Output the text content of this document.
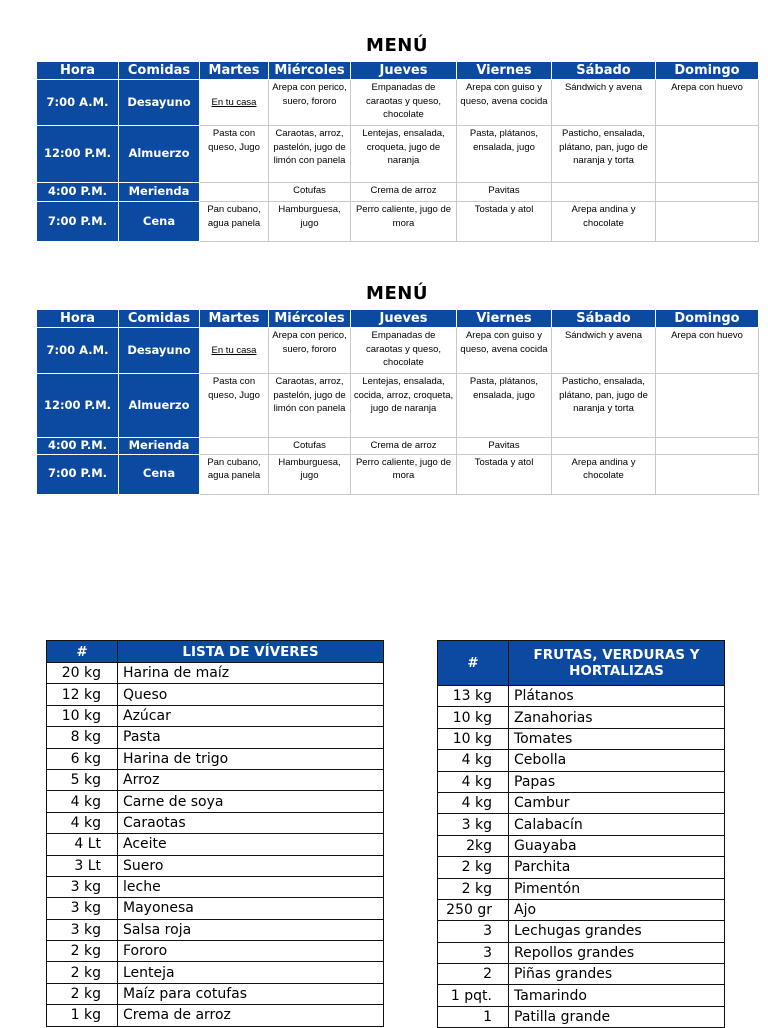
MENÚ
Hora	Comidas	Martes	Miércoles	Jueves	Viernes	Sábado	Domingo
7:00 A.M.	Desayuno	En tu casa	Arepa con perico, suero, fororo	Empanadas de caraotas y queso, chocolate	Arepa con guiso y queso, avena cocida	Sándwich y avena	Arepa con huevo
12:00 P.M.	Almuerzo	Pasta con queso, Jugo	Caraotas, arroz, pastelón, jugo de limón con panela	Lentejas, ensalada, croqueta, jugo de naranja	Pasta, plátanos, ensalada, jugo	Pasticho, ensalada, plátano, pan, jugo de naranja y torta	
4:00 P.M.	Merienda		Cotufas	Crema de arroz	Pavitas		
7:00 P.M.	Cena	Pan cubano, agua panela	Hamburguesa, jugo	Perro caliente, jugo de mora	Tostada y atol	Arepa andina y chocolate	
MENÚ
Hora	Comidas	Martes	Miércoles	Jueves	Viernes	Sábado	Domingo
7:00 A.M.	Desayuno	En tu casa	Arepa con perico, suero, fororo	Empanadas de caraotas y queso, chocolate	Arepa con guiso y queso, avena cocida	Sándwich y avena	Arepa con huevo
12:00 P.M.	Almuerzo	Pasta con queso, Jugo	Caraotas, arroz, pastelón, jugo de limón con panela	Lentejas, ensalada, cocida, arroz, croqueta, jugo de naranja	Pasta, plátanos, ensalada, jugo	Pasticho, ensalada, plátano, pan, jugo de naranja y torta	
4:00 P.M.	Merienda		Cotufas	Crema de arroz	Pavitas		
7:00 P.M.	Cena	Pan cubano, agua panela	Hamburguesa, jugo	Perro caliente, jugo de mora	Tostada y atol	Arepa andina y chocolate	
#	LISTA DE VÍVERES
20 kg	Harina de maíz
12 kg	Queso
10 kg	Azúcar
8 kg	Pasta
6 kg	Harina de trigo
5 kg	Arroz
4 kg	Carne de soya
4 kg	Caraotas
4 Lt	Aceite
3 Lt	Suero
3 kg	leche
3 kg	Mayonesa
3 kg	Salsa roja
2 kg	Fororo
2 kg	Lenteja
2 kg	Maíz para cotufas
1 kg	Crema de arroz
#	FRUTAS, VERDURAS Y HORTALIZAS
13 kg	Plátanos
10 kg	Zanahorias
10 kg	Tomates
4 kg	Cebolla
4 kg	Papas
4 kg	Cambur
3 kg	Calabacín
2kg	Guayaba
2 kg	Parchita
2 kg	Pimentón
250 gr	Ajo
3	Lechugas grandes
3	Repollos grandes
2	Piñas grandes
1 pqt.	Tamarindo
1	Patilla grande
